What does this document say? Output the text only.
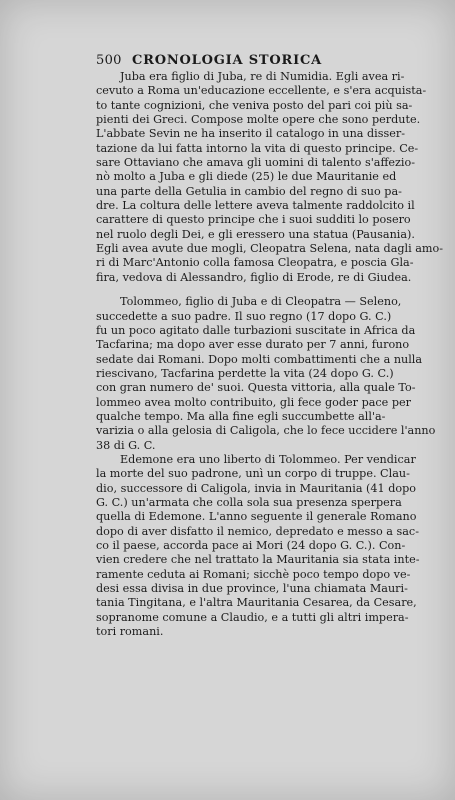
500 CRONOLOGIA STORICA
Juba era figlio di Juba, re di Numidia. Egli avea ri-
cevuto a Roma un'educazione eccellente, e s'era acquista-
to tante cognizioni, che veniva posto del pari coi più sa-
pienti dei Greci. Compose molte opere che sono perdute.
L'abbate Sevin ne ha inserito il catalogo in una disser-
tazione da lui fatta intorno la vita di questo principe. Ce-
sare Ottaviano che amava gli uomini di talento s'affezio-
nò molto a Juba e gli diede (25) le due Mauritanie ed
una parte della Getulia in cambio del regno di suo pa-
dre. La coltura delle lettere aveva talmente raddolcito il
carattere di questo principe che i suoi sudditi lo posero
nel ruolo degli Dei, e gli eressero una statua (Pausania).
Egli avea avute due mogli, Cleopatra Selena, nata dagli amo-
ri di Marc'Antonio colla famosa Cleopatra, e poscia Gla-
fira, vedova di Alessandro, figlio di Erode, re di Giudea.
Tolommeo, figlio di Juba e di Cleopatra — Seleno,
succedette a suo padre. Il suo regno (17 dopo G. C.)
fu un poco agitato dalle turbazioni suscitate in Africa da
Tacfarina; ma dopo aver esse durato per 7 anni, furono
sedate dai Romani. Dopo molti combattimenti che a nulla
riescivano, Tacfarina perdette la vita (24 dopo G. C.)
con gran numero de' suoi. Questa vittoria, alla quale To-
lommeo avea molto contribuito, gli fece goder pace per
qualche tempo. Ma alla fine egli succumbette all'a-
varizia o alla gelosia di Caligola, che lo fece uccidere l'anno
38 di G. C.
Edemone era uno liberto di Tolommeo. Per vendicar
la morte del suo padrone, unì un corpo di truppe. Clau-
dio, successore di Caligola, invia in Mauritania (41 dopo
G. C.) un'armata che colla sola sua presenza sperpera
quella di Edemone. L'anno seguente il generale Romano
dopo di aver disfatto il nemico, depredato e messo a sac-
co il paese, accorda pace ai Mori (24 dopo G. C.). Con-
vien credere che nel trattato la Mauritania sia stata inte-
ramente ceduta ai Romani; sicchè poco tempo dopo ve-
desi essa divisa in due province, l'una chiamata Mauri-
tania Tingitana, e l'altra Mauritania Cesarea, da Cesare,
sopranome comune a Claudio, e a tutti gli altri impera-
tori romani.
